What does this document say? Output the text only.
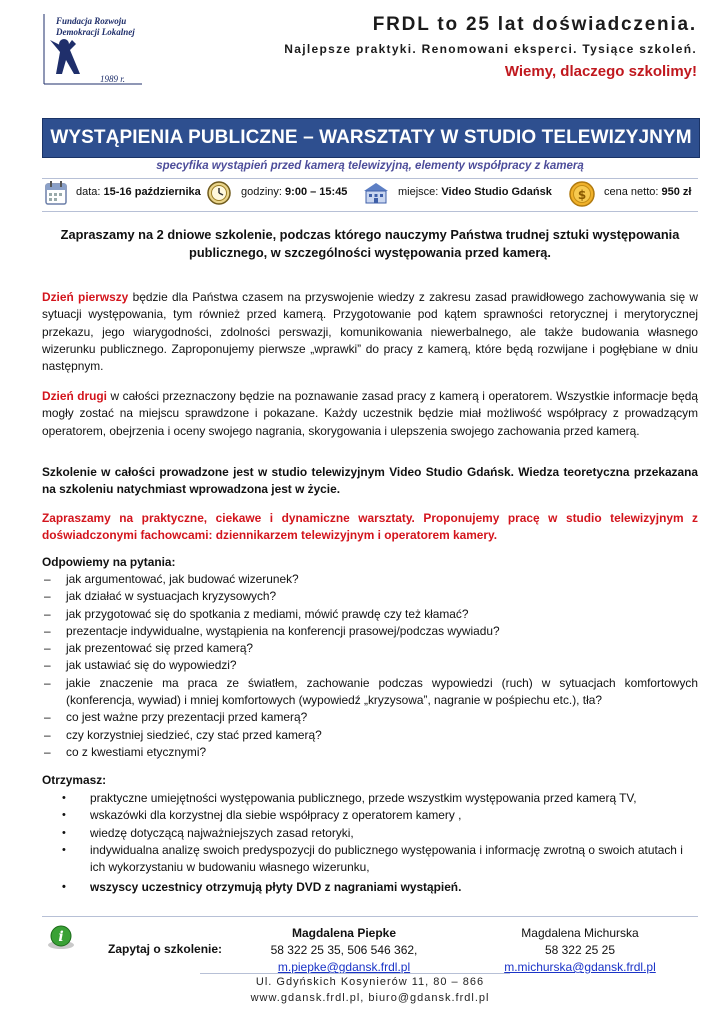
Fundacja Rozwoju
Demokracji Lokalnej
1989 r.
FRDL to 25 lat doświadczenia.
Najlepsze praktyki. Renomowani eksperci. Tysiące szkoleń.
Wiemy, dlaczego szkolimy!
WYSTĄPIENIA PUBLICZNE – WARSZTATY W STUDIO TELEWIZYJNYM
specyfika wystąpień przed kamerą telewizyjną, elementy współpracy z kamerą
data: 15-16 października	godziny: 9:00 – 15:45	miejsce: Video Studio Gdańsk $ cena netto: 950 zł
Zapraszamy na 2 dniowe szkolenie, podczas którego nauczymy Państwa trudnej sztuki występowania publicznego, w szczególności występowania przed kamerą.
Dzień pierwszy będzie dla Państwa czasem na przyswojenie wiedzy z zakresu zasad prawidłowego zachowywania się w sytuacji występowania, tym również przed kamerą. Przygotowanie pod kątem sprawności retorycznej i merytorycznej przekazu, jego wiarygodności, zdolności perswazji, komunikowania niewerbalnego, ale także budowania własnego wizerunku publicznego. Zaproponujemy pierwsze „wprawki” do pracy z kamerą, które będą rozwijane i pogłębiane w dniu następnym.
Dzień drugi w całości przeznaczony będzie na poznawanie zasad pracy z kamerą i operatorem. Wszystkie informacje będą mogły zostać na miejscu sprawdzone i pokazane. Każdy uczestnik będzie miał możliwość współpracy z prowadzącym operatorem, obejrzenia i oceny swojego nagrania, skorygowania i ulepszenia swojego zachowania przed kamerą.
Szkolenie w całości prowadzone jest w studio telewizyjnym Video Studio Gdańsk. Wiedza teoretyczna przekazana na szkoleniu natychmiast wprowadzona jest w życie.
Zapraszamy na praktyczne, ciekawe i dynamiczne warsztaty. Proponujemy pracę w studio telewizyjnym z doświadczonymi fachowcami: dziennikarzem telewizyjnym i operatorem kamery.
Odpowiemy na pytania:
– jak argumentować, jak budować wizerunek?
– jak działać w systuacjach kryzysowych?
– jak przygotować się do spotkania z mediami, mówić prawdę czy też kłamać?
– prezentacje indywidualne, wystąpienia na konferencji prasowej/podczas wywiadu?
– jak prezentować się przed kamerą?
– jak ustawiać się do wypowiedzi?
– jakie znaczenie ma praca ze światłem, zachowanie podczas wypowiedzi (ruch) w sytuacjach komfortowych (konferencja, wywiad) i mniej komfortowych (wypowiedź „kryzysowa”, nagranie w pośpiechu etc.), tła?
– co jest ważne przy prezentacji przed kamerą?
– czy korzystniej siedzieć, czy stać przed kamerą?
– co z kwestiami etycznymi?
Otrzymasz:
• praktyczne umiejętności występowania publicznego, przede wszystkim występowania przed kamerą TV,
• wskazówki dla korzystnej dla siebie współpracy z operatorem kamery ,
• wiedzę dotyczącą najważniejszych zasad retoryki,
• indywidualna analizę swoich predyspozycji do publicznego występowania i informację zwrotną o swoich atutach i ich wykorzystaniu w budowaniu własnego wizerunku,
• wszyscy uczestnicy otrzymują płyty DVD z nagraniami wystąpień.
i
Zapytaj o szkolenie:
Magdalena Piepke
58 322 25 35, 506 546 362,
m.piepke@gdansk.frdl.pl
Magdalena Michurska
58 322 25 25
m.michurska@gdansk.frdl.pl
Ul. Gdyńskich Kosynierów 11, 80 – 866
www.gdansk.frdl.pl, biuro@gdansk.frdl.pl
